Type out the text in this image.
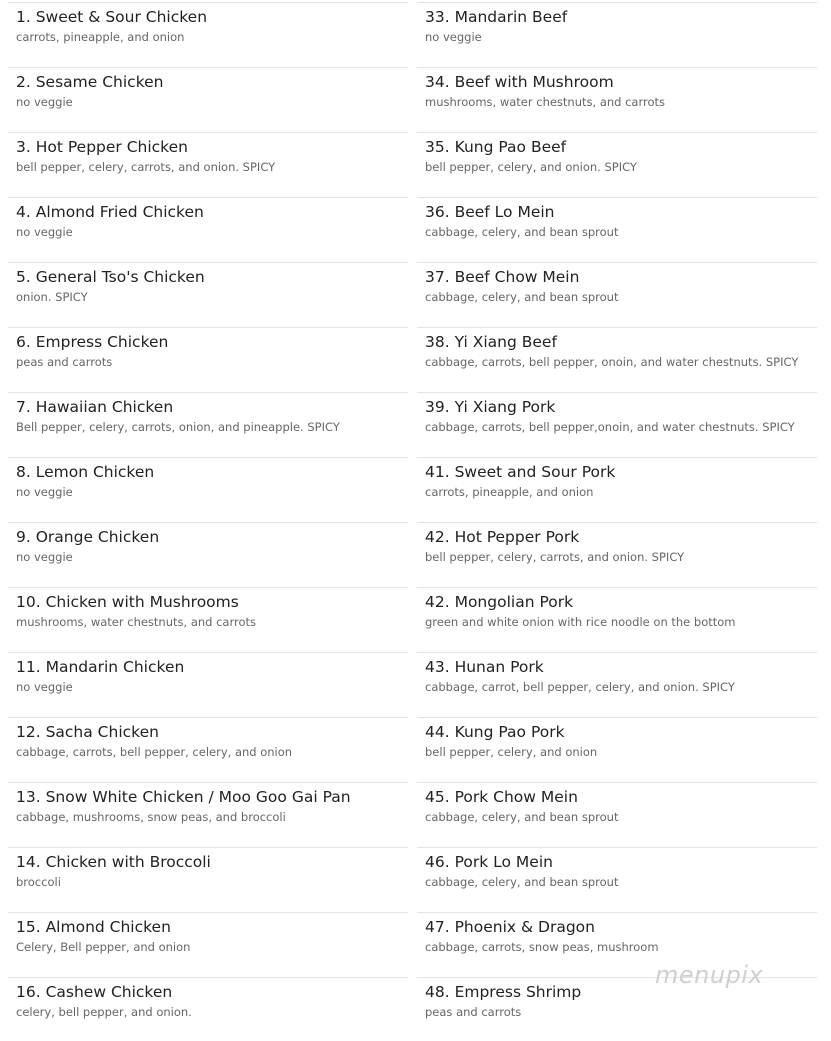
1. Sweet & Sour Chicken
carrots, pineapple, and onion
2. Sesame Chicken
no veggie
3. Hot Pepper Chicken
bell pepper, celery, carrots, and onion. SPICY
4. Almond Fried Chicken
no veggie
5. General Tso's Chicken
onion. SPICY
6. Empress Chicken
peas and carrots
7. Hawaiian Chicken
Bell pepper, celery, carrots, onion, and pineapple. SPICY
8. Lemon Chicken
no veggie
9. Orange Chicken
no veggie
10. Chicken with Mushrooms
mushrooms, water chestnuts, and carrots
11. Mandarin Chicken
no veggie
12. Sacha Chicken
cabbage, carrots, bell pepper, celery, and onion
13. Snow White Chicken / Moo Goo Gai Pan
cabbage, mushrooms, snow peas, and broccoli
14. Chicken with Broccoli
broccoli
15. Almond Chicken
Celery, Bell pepper, and onion
16. Cashew Chicken
celery, bell pepper, and onion.
33. Mandarin Beef
no veggie
34. Beef with Mushroom
mushrooms, water chestnuts, and carrots
35. Kung Pao Beef
bell pepper, celery, and onion. SPICY
36. Beef Lo Mein
cabbage, celery, and bean sprout
37. Beef Chow Mein
cabbage, celery, and bean sprout
38. Yi Xiang Beef
cabbage, carrots, bell pepper, onoin, and water chestnuts. SPICY
39. Yi Xiang Pork
cabbage, carrots, bell pepper,onoin, and water chestnuts. SPICY
41. Sweet and Sour Pork
carrots, pineapple, and onion
42. Hot Pepper Pork
bell pepper, celery, carrots, and onion. SPICY
42. Mongolian Pork
green and white onion with rice noodle on the bottom
43. Hunan Pork
cabbage, carrot, bell pepper, celery, and onion. SPICY
44. Kung Pao Pork
bell pepper, celery, and onion
45. Pork Chow Mein
cabbage, celery, and bean sprout
46. Pork Lo Mein
cabbage, celery, and bean sprout
47. Phoenix & Dragon
cabbage, carrots, snow peas, mushroom
48. Empress Shrimp
peas and carrots
menupix
